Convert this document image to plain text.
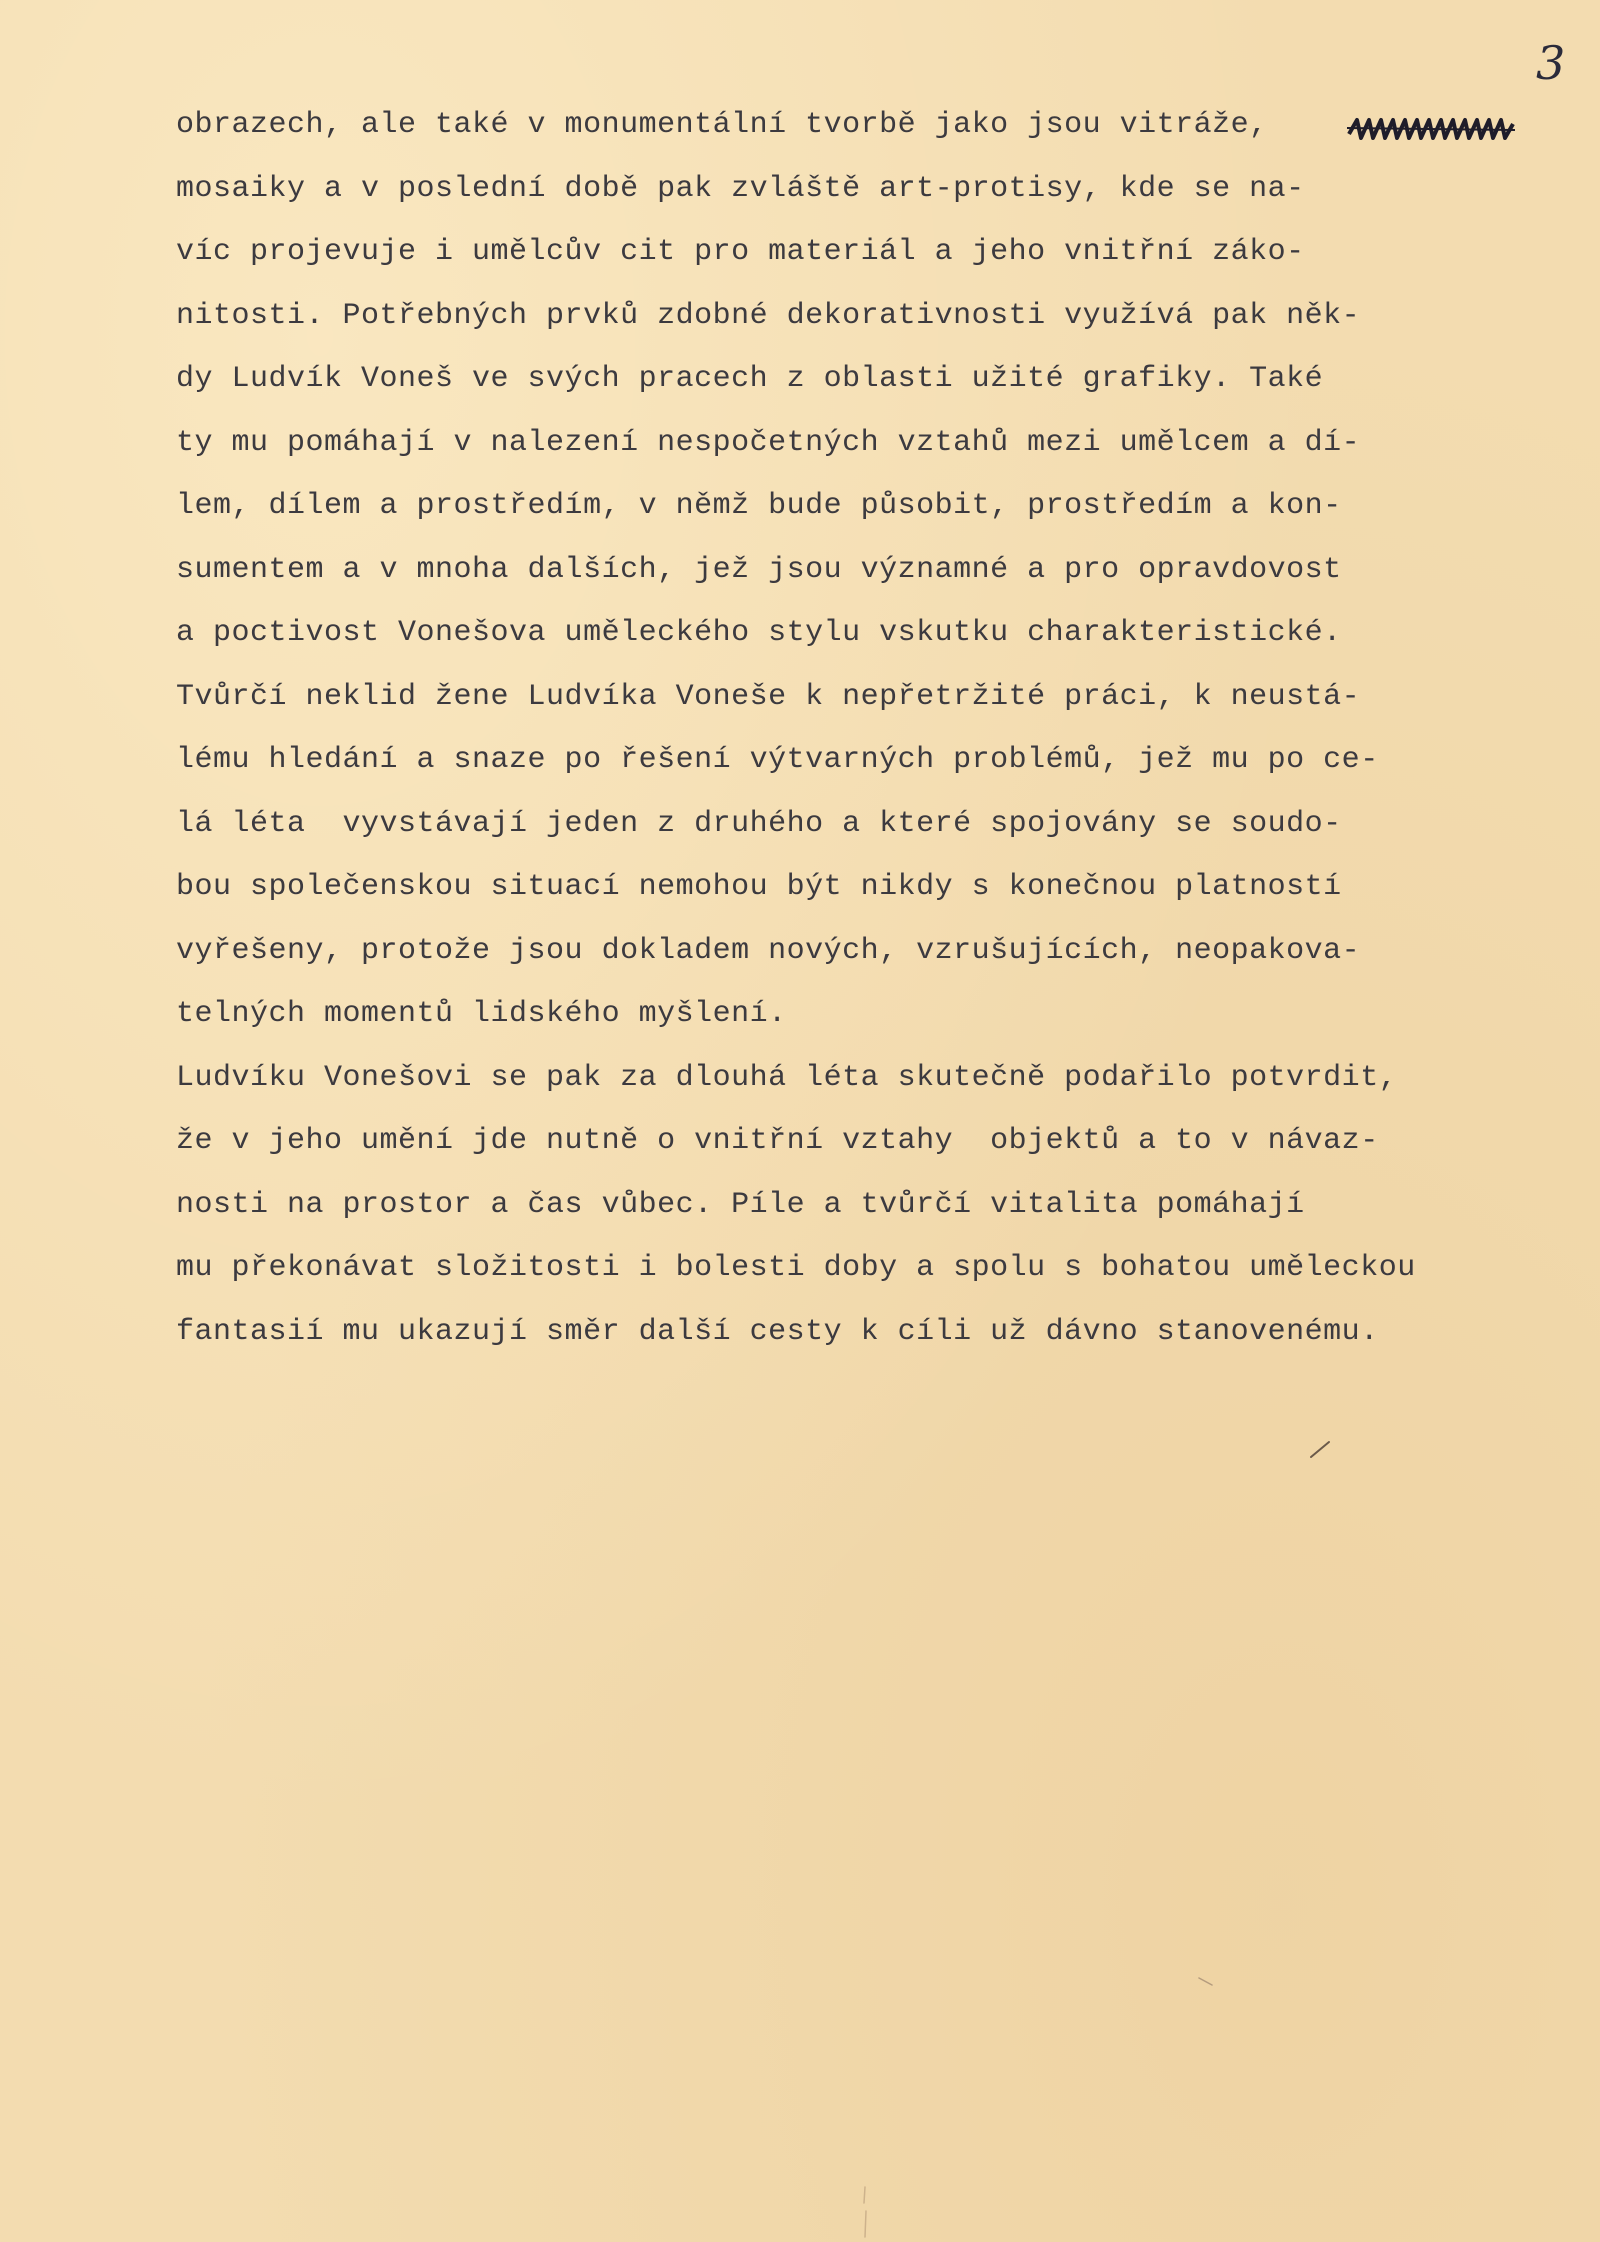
3
obrazech, ale také v monumentální tvorbě jako jsou vitráže,
mosaiky a v poslední době pak zvláště art-protisy, kde se na-
víc projevuje i umělcův cit pro materiál a jeho vnitřní záko-
nitosti. Potřebných prvků zdobné dekorativnosti využívá pak něk-
dy Ludvík Voneš ve svých pracech z oblasti užité grafiky. Také
ty mu pomáhají v nalezení nespočetných vztahů mezi umělcem a dí-
lem, dílem a prostředím, v němž bude působit, prostředím a kon-
sumentem a v mnoha dalších, jež jsou významné a pro opravdovost
a poctivost Vonešova uměleckého stylu vskutku charakteristické.
Tvůrčí neklid žene Ludvíka Voneše k nepřetržité práci, k neustá-
lému hledání a snaze po řešení výtvarných problémů, jež mu po ce-
lá léta  vyvstávají jeden z druhého a které spojovány se soudo-
bou společenskou situací nemohou být nikdy s konečnou platností
vyřešeny, protože jsou dokladem nových, vzrušujících, neopakova-
telných momentů lidského myšlení.
Ludvíku Vonešovi se pak za dlouhá léta skutečně podařilo potvrdit,
že v jeho umění jde nutně o vnitřní vztahy  objektů a to v návaz-
nosti na prostor a čas vůbec. Píle a tvůrčí vitalita pomáhají
mu překonávat složitosti i bolesti doby a spolu s bohatou uměleckou
fantasií mu ukazují směr další cesty k cíli už dávno stanovenému.
